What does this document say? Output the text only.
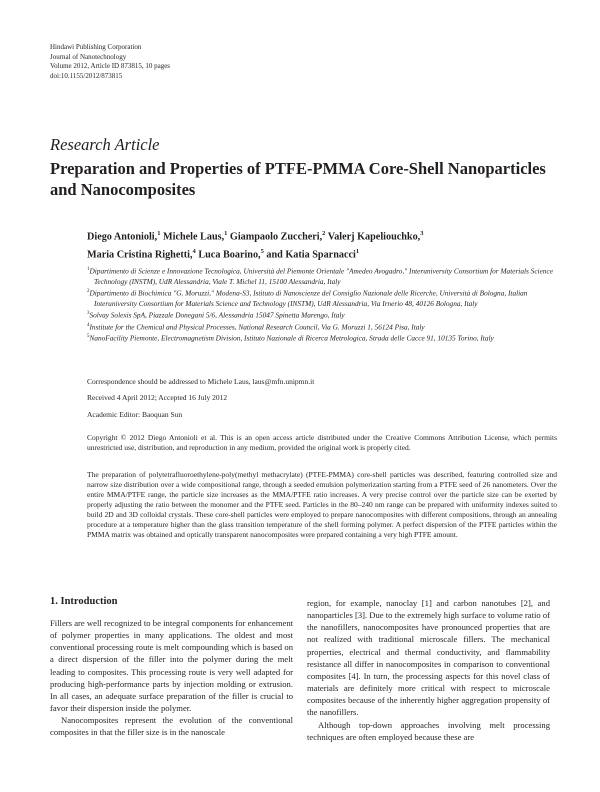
Hindawi Publishing Corporation
Journal of Nanotechnology
Volume 2012, Article ID 873815, 10 pages
doi:10.1155/2012/873815
Research Article
Preparation and Properties of PTFE-PMMA Core-Shell Nanoparticles and Nanocomposites
Diego Antonioli,$^1$ Michele Laus,$^1$ Giampaolo Zuccheri,$^2$ Valerj Kapeliouchko,$^3$
Maria Cristina Righetti,$^4$ Luca Boarino,$^5$ and Katia Sparnacci$^1$
$^1$Dipartimento di Scienze e Innovazione Tecnologica, Università del Piemonte Orientale "Amedeo Avogadro," Interuniversity Consortium for Materials Science Technology (INSTM), UdR Alessandria, Viale T. Michel 11, 15100 Alessandria, Italy
$^2$Dipartimento di Biochimica "G. Moruzzi," Modena-S3, Istituto di Nanoscienze del Consiglio Nazionale delle Ricerche, Università di Bologna, Italian Interuniversity Consortium for Materials Science and Technology (INSTM), UdR Alessandria, Via Irnerio 48, 40126 Bologna, Italy
$^3$Solvay Solexis SpA, Piazzale Donegani 5/6, Alessandria 15047 Spinetta Marengo, Italy
$^4$Institute for the Chemical and Physical Processes, National Research Council, Via G. Moruzzi 1, 56124 Pisa, Italy
$^5$NanoFacility Piemonte, Electromagnetism Division, Istituto Nazionale di Ricerca Metrologica, Strada delle Cacce 91, 10135 Torino, Italy
Correspondence should be addressed to Michele Laus, laus@mfn.unipmn.it
Received 4 April 2012; Accepted 16 July 2012
Academic Editor: Baoquan Sun
Copyright © 2012 Diego Antonioli et al. This is an open access article distributed under the Creative Commons Attribution License, which permits unrestricted use, distribution, and reproduction in any medium, provided the original work is properly cited.
The preparation of polytetrafluoroethylene-poly(methyl methacrylate) (PTFE-PMMA) core-shell particles was described, featuring controlled size and narrow size distribution over a wide compositional range, through a seeded emulsion polymerization starting from a PTFE seed of 26 nanometers. Over the entire MMA/PTFE range, the particle size increases as the MMA/PTFE ratio increases. A very precise control over the particle size can be exerted by properly adjusting the ratio between the monomer and the PTFE seed. Particles in the 80–240 nm range can be prepared with uniformity indexes suited to build 2D and 3D colloidal crystals. These core-shell particles were employed to prepare nanocomposites with different compositions, through an annealing procedure at a temperature higher than the glass transition temperature of the shell forming polymer. A perfect dispersion of the PTFE particles within the PMMA matrix was obtained and optically transparent nanocomposites were prepared containing a very high PTFE amount.
1. Introduction

Fillers are well recognized to be integral components for enhancement of polymer properties in many applications. The oldest and most conventional processing route is melt compounding which is based on a direct dispersion of the filler into the polymer during the melt leading to composites. This processing route is very well adapted for producing high-performance parts by injection molding or extrusion. In all cases, an adequate surface preparation of the filler is crucial to favor their dispersion inside the polymer.

Nanocomposites represent the evolution of the conventional composites in that the filler size is in the nanoscale

region, for example, nanoclay [1] and carbon nanotubes [2], and nanoparticles [3]. Due to the extremely high surface to volume ratio of the nanofillers, nanocomposites have pronounced properties that are not realized with traditional microscale fillers. The mechanical properties, electrical and thermal conductivity, and flammability resistance all differ in nanocomposites in comparison to conventional composites [4]. In turn, the processing aspects for this novel class of materials are definitely more critical with respect to microscale composites because of the inherently higher aggregation propensity of the nanofillers.

Although top-down approaches involving melt processing techniques are often employed because these are
